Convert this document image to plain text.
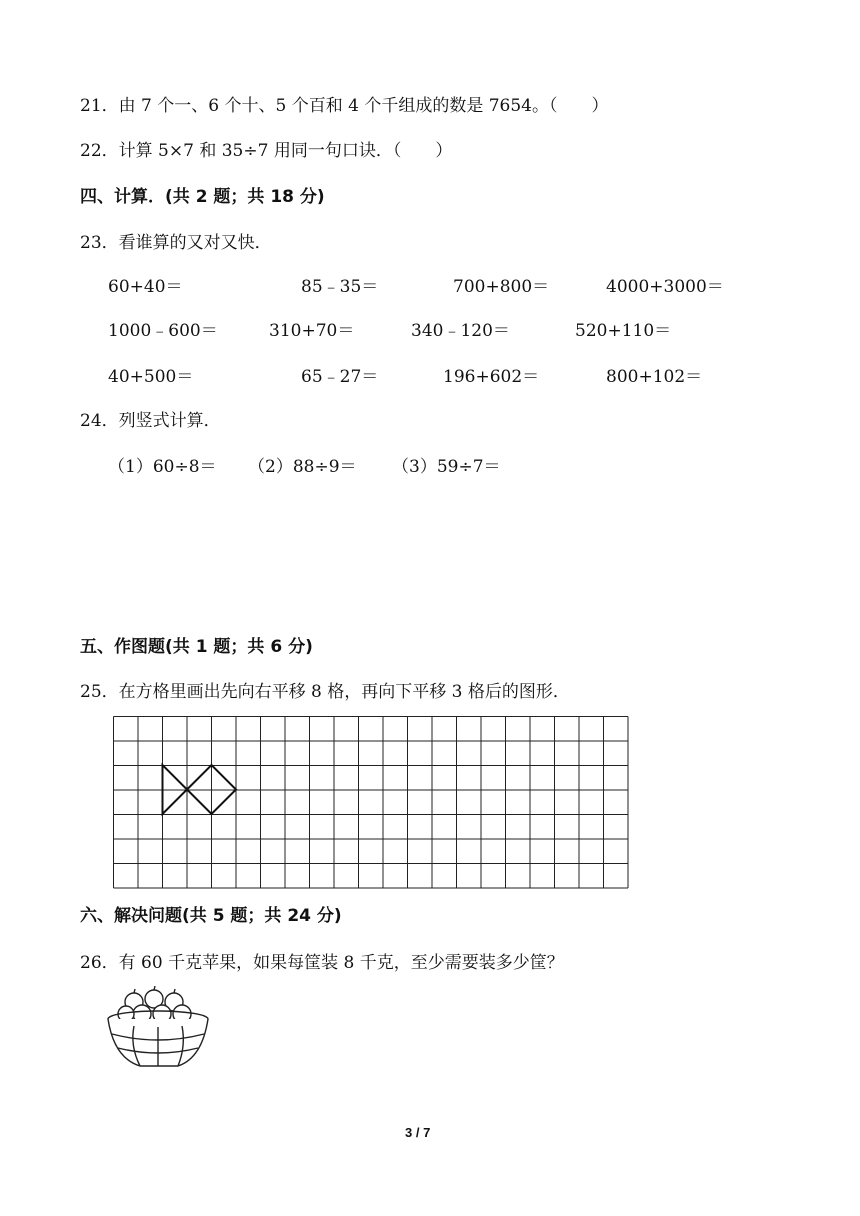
21．由 7 个一、6 个十、5 个百和 4 个千组成的数是 7654。（　　）
22．计算 5×7 和 35÷7 用同一句口诀．（　　）
四、计算．(共 2 题；共 18 分)
23．看谁算的又对又快．
60+40＝	85﹣35＝	700+800＝	4000+3000＝
1000﹣600＝	310+70＝	340﹣120＝	520+110＝
40+500＝	65﹣27＝	196+602＝	800+102＝
24．列竖式计算．
（1）60÷8＝ （2）88÷9＝ （3）59÷7＝
五、作图题(共 1 题；共 6 分)
25．在方格里画出先向右平移 8 格，再向下平移 3 格后的图形．
六、解决问题(共 5 题；共 24 分)
26．有 60 千克苹果，如果每筐装 8 千克，至少需要装多少筐？
3 / 7
